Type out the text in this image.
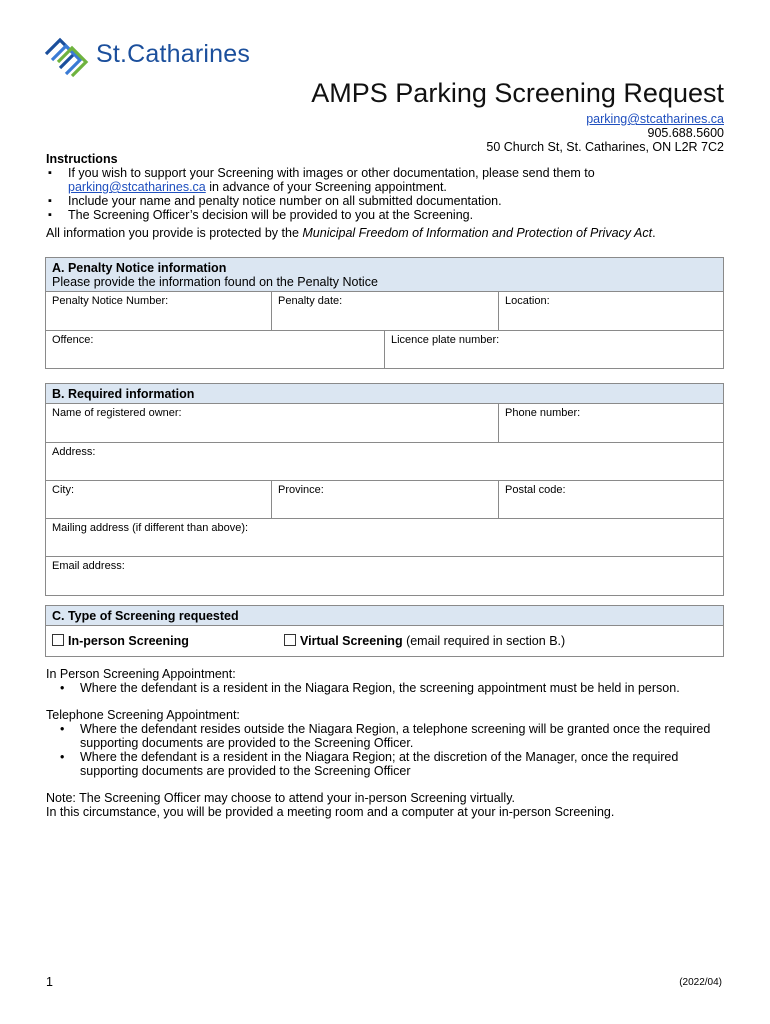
St.Catharines
AMPS Parking Screening Request
parking@stcatharines.ca
905.688.5600
50 Church St, St. Catharines, ON L2R 7C2
Instructions
▪ If you wish to support your Screening with images or other documentation, please send them to
parking@stcatharines.ca in advance of your Screening appointment.
▪ Include your name and penalty notice number on all submitted documentation.
▪ The Screening Officer’s decision will be provided to you at the Screening.
All information you provide is protected by the Municipal Freedom of Information and Protection of Privacy Act.
A. Penalty Notice information
Please provide the information found on the Penalty Notice
Penalty Notice Number:	Penalty date:	Location:
Offence:	Licence plate number:
B. Required information
Name of registered owner:	Phone number:
Address:
City:	Province:	Postal code:
Mailing address (if different than above):
Email address:
C. Type of Screening requested
In-person Screening	Virtual Screening (email required in section B.)

In Person Screening Appointment:

• Where the defendant is a resident in the Niagara Region, the screening appointment must be held in person.

Telephone Screening Appointment:

• Where the defendant resides outside the Niagara Region, a telephone screening will be granted once the required supporting documents are provided to the Screening Officer.
• Where the defendant is a resident in the Niagara Region; at the discretion of the Manager, once the required supporting documents are provided to the Screening Officer

Note: The Screening Officer may choose to attend your in-person Screening virtually.

In this circumstance, you will be provided a meeting room and a computer at your in-person Screening.

1	(2022/04)
